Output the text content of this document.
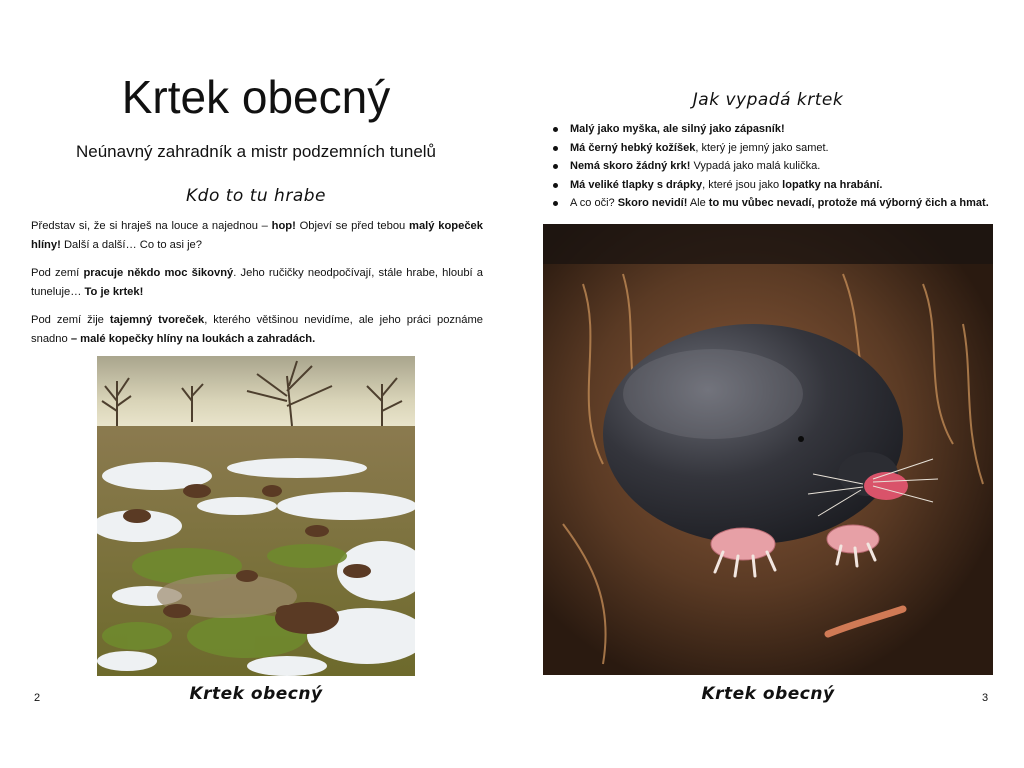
Krtek obecný

Neúnavný zahradník a mistr podzemních tunelů

Kdo to tu hrabe

Představ si, že si hraješ na louce a najednou – hop! Objeví se před tebou malý kopeček hlíny! Další a další… Co to asi je?

Pod zemí pracuje někdo moc šikovný. Jeho ručičky neodpočívají, stále hrabe, hloubí a tuneluje… To je krtek!

Pod zemí žije tajemný tvoreček, kterého většinou nevidíme, ale jeho práci poznáme snadno – malé kopečky hlíny na loukách a zahradách.

Krtek obecný

2
Jak vypadá krtek
Malý jako myška, ale silný jako zápasník!
Má černý hebký kožíšek, který je jemný jako samet.
Nemá skoro žádný krk! Vypadá jako malá kulička.
Má veliké tlapky s drápky, které jsou jako lopatky na hrabání.
A co oči? Skoro nevidí! Ale to mu vůbec nevadí, protože má výborný čich a hmat.

Krtek obecný	3
